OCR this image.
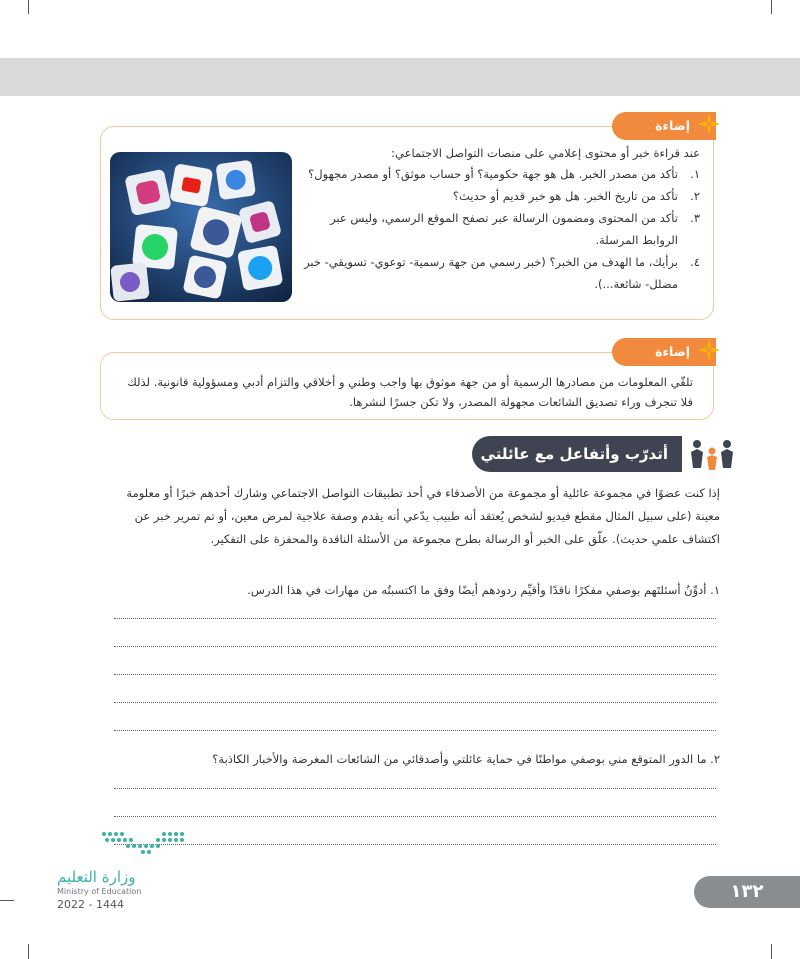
إضاءة
عند قراءة خبر أو محتوى إعلامي على منصات التواصل الاجتماعي:
١.
تأكد من مصدر الخبر. هل هو جهة حكومية؟ أو حساب موثق؟ أو مصدر مجهول؟
٢.
تأكد من تاريخ الخبر. هل هو خبر قديم أو حديث؟
٣.
تأكد من المحتوى ومضمون الرسالة عبر تصفح الموقع الرسمي، وليس عبر الروابط المرسلة.
٤.
برأيك، ما الهدف من الخبر؟ (خبر رسمي من جهة رسمية- توعوي- تسويقي- خبر مضلل- شائعة...).
إضاءة
تلقّي المعلومات من مصادرها الرسمية أو من جهة موثوق بها واجب وطني و أخلاقي والتزام أدبي ومسؤولية قانونية. لذلك فلا تنجرف وراء تصديق الشائعات مجهولة المصدر، ولا تكن جسرًا لنشرها.
أتدرّب وأتفاعل مع عائلتي
إذا كنت عضوًا في مجموعة عائلية أو مجموعة من الأصدقاء في أحد تطبيقات التواصل الاجتماعي وشارك أحدهم خبرًا أو معلومة معينة (على سبيل المثال مقطع فيديو لشخص يُعتقد أنه طبيب يدّعي أنه يقدم وصفة علاجية لمرض معين، أو تم تمرير خبر عن اكتشاف علمي حديث). علّق على الخبر أو الرسالة بطرح مجموعة من الأسئلة الناقدة والمحفزة على التفكير.
١. أدوِّنُ أسئلتَهم بوصفي مفكرًا ناقدًا وأقيِّم ردودهم أيضًا وفق ما اكتسبتُه من مهارات في هذا الدرس.
٢. ما الدور المتوقع مني بوصفي مواطنًا في حماية عائلتي وأصدقائي من الشائعات المغرضة والأخبار الكاذبة؟
وزارة التعليم
Ministry of Education
2022 - 1444
١٣٢
